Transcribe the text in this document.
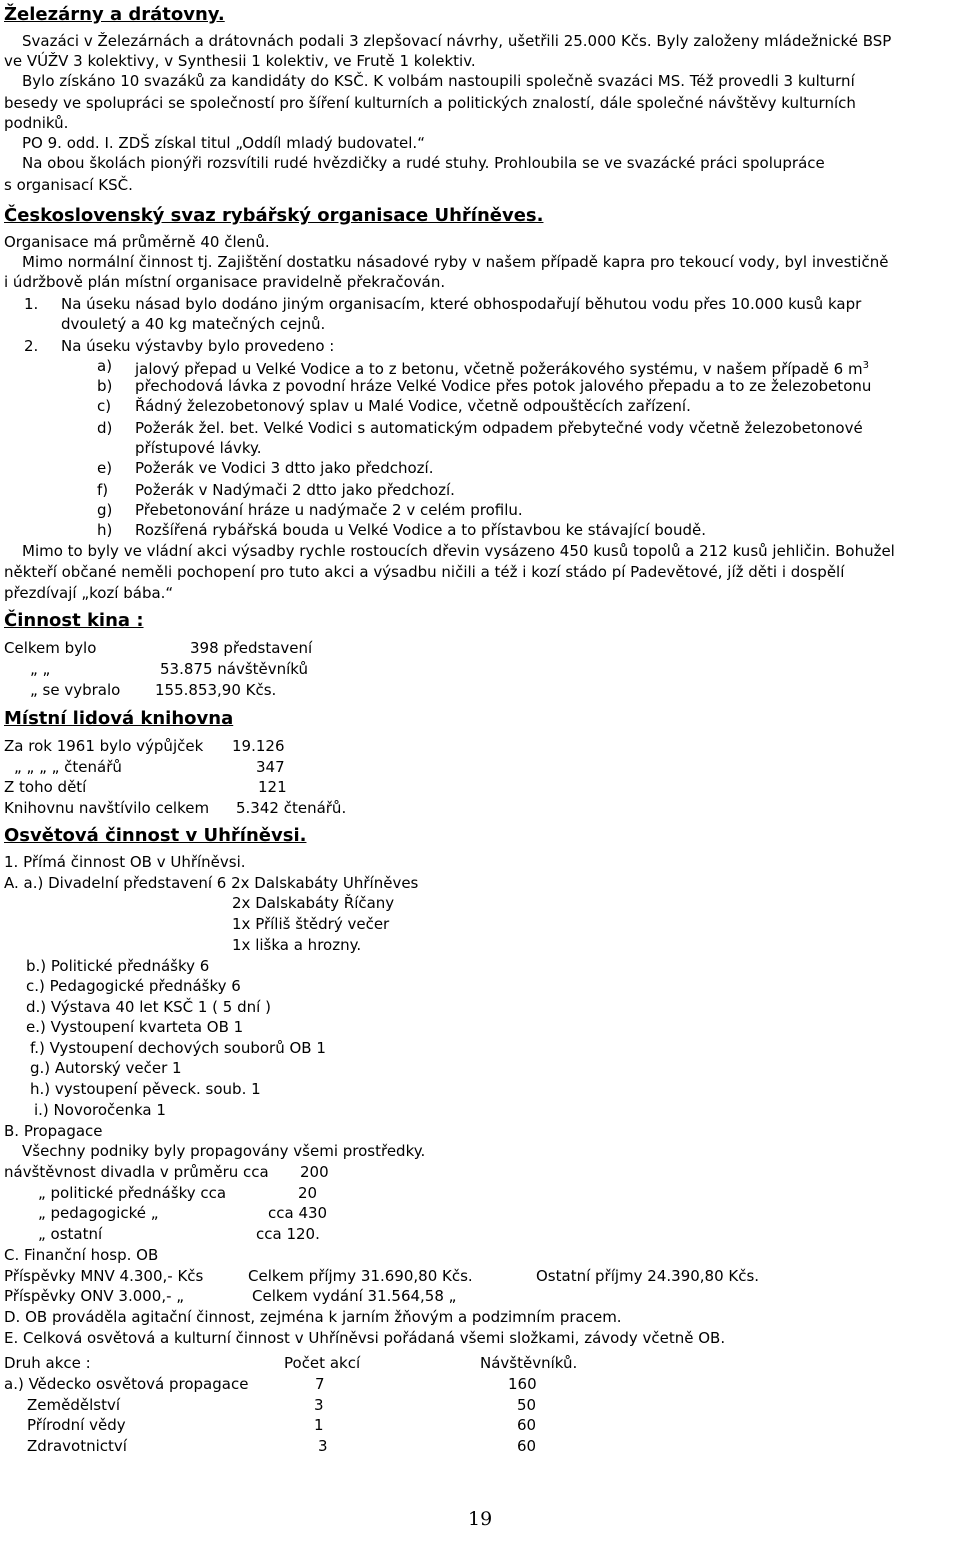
Železárny a drátovny.
Svazáci v Železárnách a drátovnách podali 3 zlepšovací návrhy, ušetřili 25.000 Kčs. Byly založeny mládežnické BSP
ve VÚŽV 3 kolektivy, v Synthesii 1 kolektiv, ve Frutě 1 kolektiv.
Bylo získáno 10 svazáků za kandidáty do KSČ. K volbám nastoupili společně svazáci MS. Též provedli 3 kulturní
besedy ve spolupráci se společností pro šíření kulturních a politických znalostí, dále společné návštěvy kulturních
podniků.
PO 9. odd. I. ZDŠ získal titul „Oddíl mladý budovatel.“
Na obou školách pionýři rozsvítili rudé hvězdičky a rudé stuhy. Prohloubila se ve svazácké práci spolupráce
s organisací KSČ.
Československý svaz rybářský organisace Uhříněves.
Organisace má průměrně 40 členů.
Mimo normální činnost tj. Zajištění dostatku násadové ryby v našem případě kapra pro tekoucí vody, byl investičně
i údržbově plán místní organisace pravidelně překračován.
1. Na úseku násad bylo dodáno jiným organisacím, které obhospodařují běhutou vodu přes 10.000 kusů kapr
dvouletý a 40 kg matečných cejnů.
2. Na úseku výstavby bylo provedeno :
a) jalový přepad u Velké Vodice a to z betonu, včetně požerákového systému, v našem případě 6 $m^3$
b) přechodová lávka z povodní hráze Velké Vodice přes potok jalového přepadu a to ze železobetonu
c) Řádný železobetonový splav u Malé Vodice, včetně odpouštěcích zařízení.
d) Požerák žel. bet. Velké Vodici s automatickým odpadem přebytečné vody včetně železobetonové
přístupové lávky.
e) Požerák ve Vodici 3 dtto jako předchozí.
f) Požerák v Nadýmači 2 dtto jako předchozí.
g) Přebetonování hráze u nadýmače 2 v celém profilu.
h) Rozšířená rybářská bouda u Velké Vodice a to přístavbou ke stávající boudě.
Mimo to byly ve vládní akci výsadby rychle rostoucích dřevin vysázeno 450 kusů topolů a 212 kusů jehličin. Bohužel
někteří občané neměli pochopení pro tuto akci a výsadbu ničili a též i kozí stádo pí Padevětové, jíž děti i dospělí
přezdívají „kozí bába.“
Činnost kina :
Celkem bylo	398 představení
„ „	53.875 návštěvníků
„ se vybralo 155.853,90 Kčs.
Místní lidová knihovna
Za rok 1961 bylo výpůjček 19.126
„ „ „ „ čtenářů	347
Z toho dětí	121
Knihovnu navštívilo celkem 5.342 čtenářů.
Osvětová činnost v Uhříněvsi.
1. Přímá činnost OB v Uhříněvsi.
A. a.) Divadelní představení 6 2x Dalskabáty Uhříněves
2x Dalskabáty Říčany
1x Příliš štědrý večer
1x liška a hrozny.
b.) Politické přednášky 6
c.) Pedagogické přednášky 6
d.) Výstava 40 let KSČ 1 ( 5 dní )
e.) Vystoupení kvarteta OB 1
f.) Vystoupení dechových souborů OB 1
g.) Autorský večer 1
h.) vystoupení pěveck. soub. 1
i.) Novoročenka 1
B. Propagace
Všechny podniky byly propagovány všemi prostředky.
návštěvnost divadla v průměru cca 200
„ politické přednášky cca	20
„ pedagogické „	cca 430
„ ostatní	cca 120.
C. Finanční hosp. OB
Příspěvky MNV 4.300,- Kčs	Celkem příjmy 31.690,80 Kčs.	Ostatní příjmy 24.390,80 Kčs.
Příspěvky ONV 3.000,- „	Celkem vydání 31.564,58 „
D. OB prováděla agitační činnost, zejména k jarním žňovým a podzimním pracem.
E. Celková osvětová a kulturní činnost v Uhříněvsi pořádaná všemi složkami, závody včetně OB.
Druh akce :	Počet akcí	Návštěvníků.
a.) Vědecko osvětová propagace	7	160
Zemědělství	3	50
Přírodní vědy	1	60
Zdravotnictví	3	60
19
